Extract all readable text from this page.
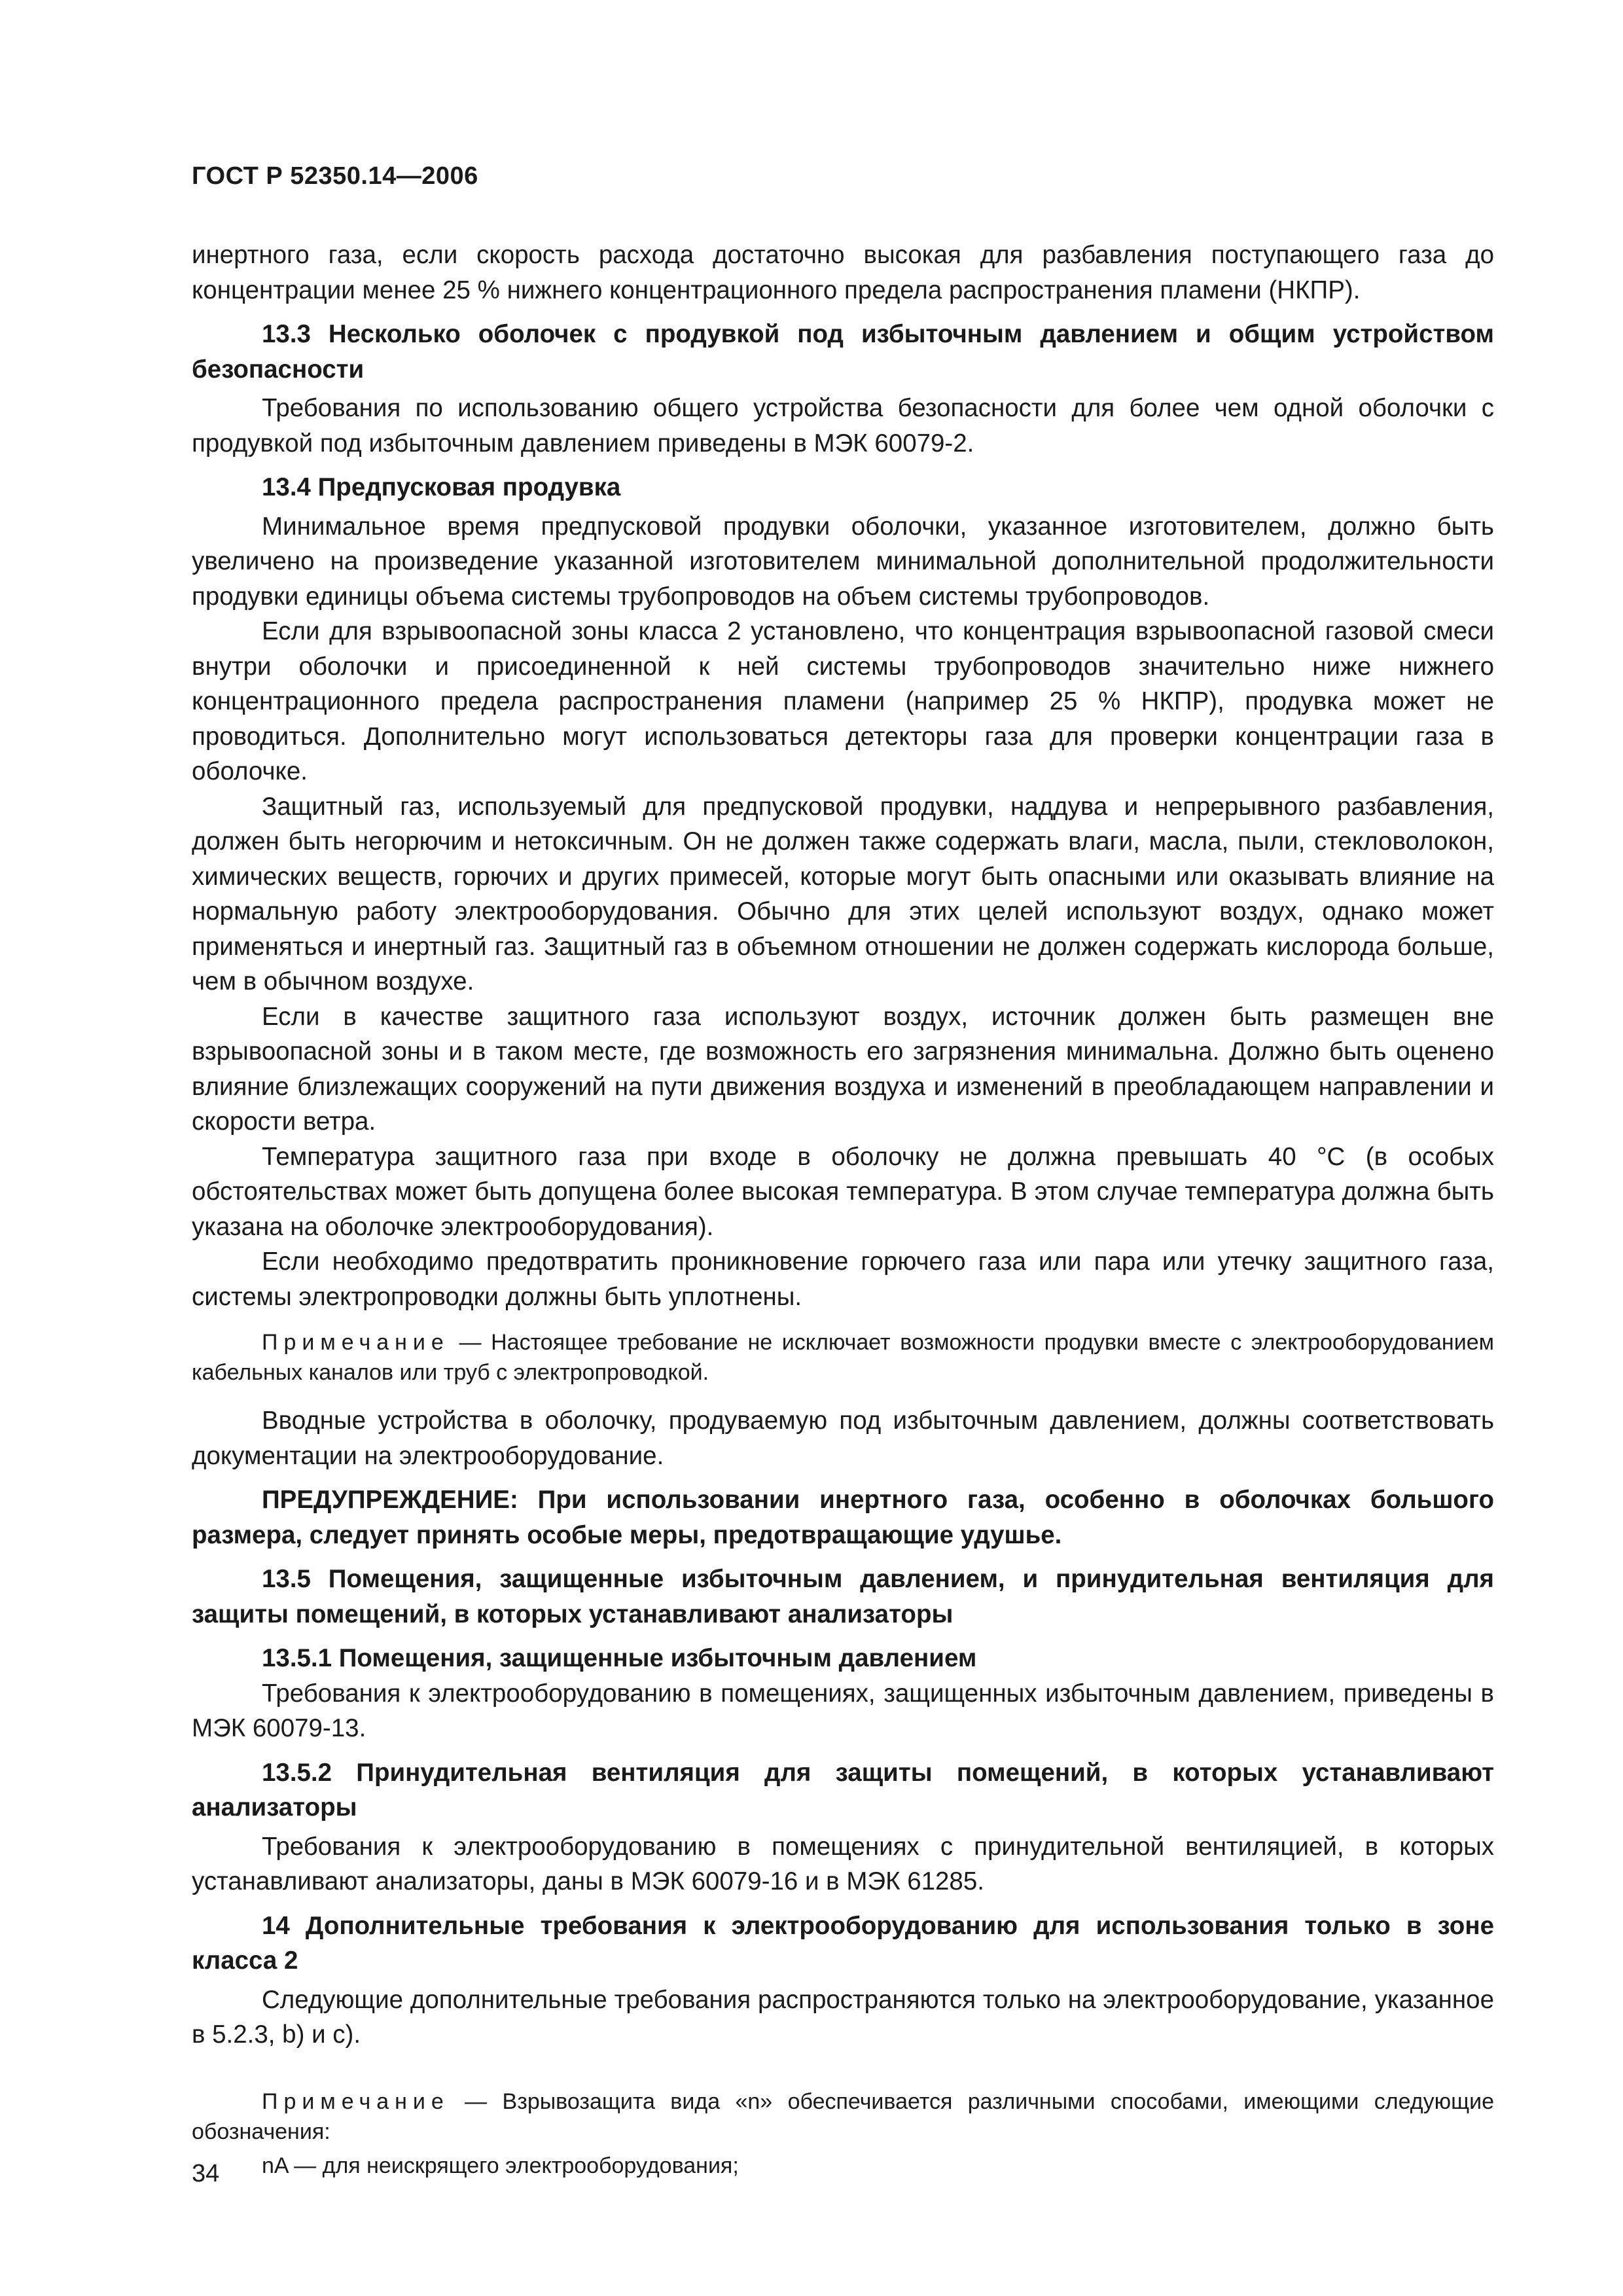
ГОСТ Р 52350.14—2006

инертного газа, если скорость расхода достаточно высокая для разбавления поступающего газа до концентрации менее 25 % нижнего концентрационного предела распространения пламени (НКПР).

13.3 Несколько оболочек с продувкой под избыточным давлением и общим устройством безопасности

Требования по использованию общего устройства безопасности для более чем одной оболочки с продувкой под избыточным давлением приведены в МЭК 60079-2.

13.4 Предпусковая продувка

Минимальное время предпусковой продувки оболочки, указанное изготовителем, должно быть увеличено на произведение указанной изготовителем минимальной дополнительной продолжительности продувки единицы объема системы трубопроводов на объем системы трубопроводов.

Если для взрывоопасной зоны класса 2 установлено, что концентрация взрывоопасной газовой смеси внутри оболочки и присоединенной к ней системы трубопроводов значительно ниже нижнего концентрационного предела распространения пламени (например 25 % НКПР), продувка может не проводиться. Дополнительно могут использоваться детекторы газа для проверки концентрации газа в оболочке.

Защитный газ, используемый для предпусковой продувки, наддува и непрерывного разбавления, должен быть негорючим и нетоксичным. Он не должен также содержать влаги, масла, пыли, стекловолокон, химических веществ, горючих и других примесей, которые могут быть опасными или оказывать влияние на нормальную работу электрооборудования. Обычно для этих целей используют воздух, однако может применяться и инертный газ. Защитный газ в объемном отношении не должен содержать кислорода больше, чем в обычном воздухе.

Если в качестве защитного газа используют воздух, источник должен быть размещен вне взрывоопасной зоны и в таком месте, где возможность его загрязнения минимальна. Должно быть оценено влияние близлежащих сооружений на пути движения воздуха и изменений в преобладающем направлении и скорости ветра.

Температура защитного газа при входе в оболочку не должна превышать 40 °С (в особых обстоятельствах может быть допущена более высокая температура. В этом случае температура должна быть указана на оболочке электрооборудования).

Если необходимо предотвратить проникновение горючего газа или пара или утечку защитного газа, системы электропроводки должны быть уплотнены.

Примечание — Настоящее требование не исключает возможности продувки вместе с электрооборудованием кабельных каналов или труб с электропроводкой.

Вводные устройства в оболочку, продуваемую под избыточным давлением, должны соответствовать документации на электрооборудование.

ПРЕДУПРЕЖДЕНИЕ: При использовании инертного газа, особенно в оболочках большого размера, следует принять особые меры, предотвращающие удушье.

13.5 Помещения, защищенные избыточным давлением, и принудительная вентиляция для защиты помещений, в которых устанавливают анализаторы

13.5.1 Помещения, защищенные избыточным давлением

Требования к электрооборудованию в помещениях, защищенных избыточным давлением, приведены в МЭК 60079-13.

13.5.2 Принудительная вентиляция для защиты помещений, в которых устанавливают анализаторы

Требования к электрооборудованию в помещениях с принудительной вентиляцией, в которых устанавливают анализаторы, даны в МЭК 60079-16 и в МЭК 61285.

14 Дополнительные требования к электрооборудованию для использования только в зоне класса 2

Следующие дополнительные требования распространяются только на электрооборудование, указанное в 5.2.3, b) и с).

Примечание — Взрывозащита вида «n» обеспечивается различными способами, имеющими следующие обозначения:

nA — для неискрящего электрооборудования;

34
